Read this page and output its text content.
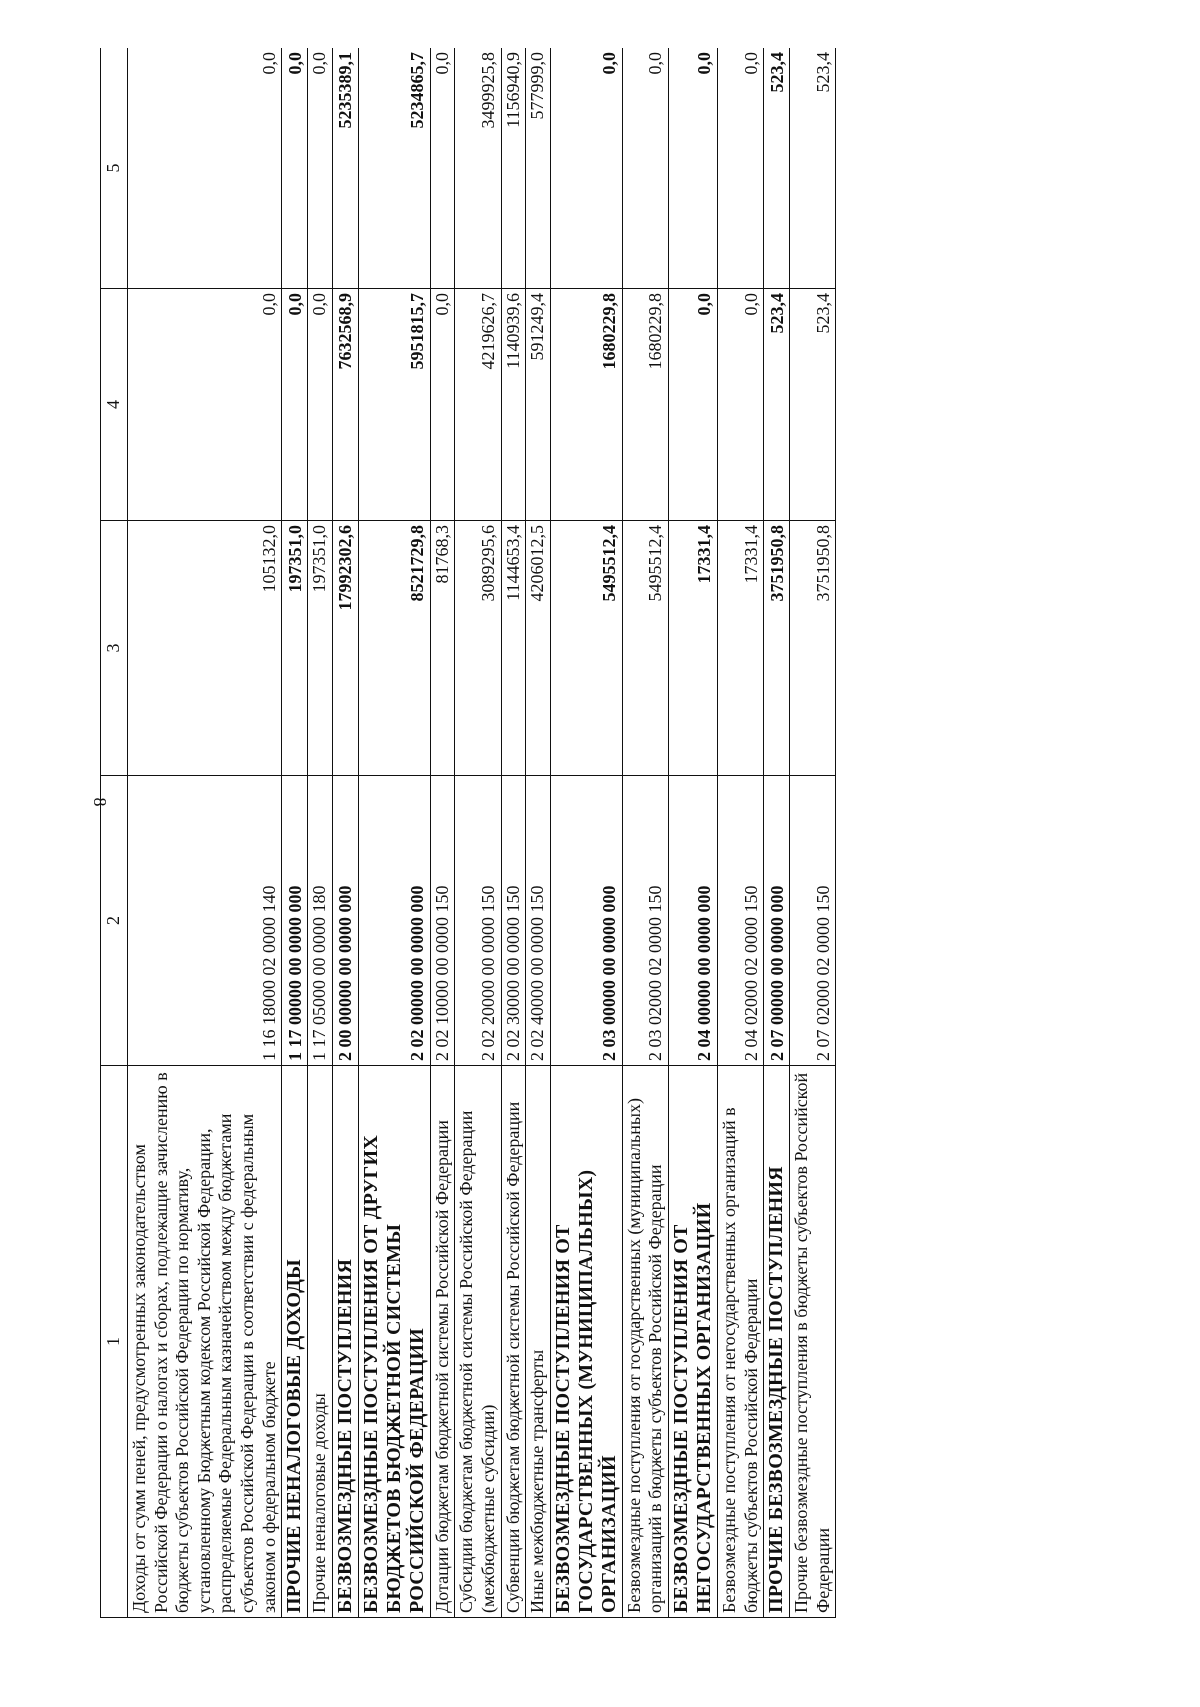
8
1	2	3	4	5
Доходы от сумм пеней, предусмотренных законодательством Российской Федерации о налогах и сборах, подлежащие зачислению в бюджеты субъектов Российской Федерации по нормативу, установленному Бюджетным кодексом Российской Федерации, распределяемые Федеральным казначейством между бюджетами субъектов Российской Федерации в соответствии с федеральным законом о федеральном бюджете	1 16 18000 02 0000 140	105132,0	0,0	0,0
ПРОЧИЕ НЕНАЛОГОВЫЕ ДОХОДЫ	1 17 00000 00 0000 000	197351,0	0,0	0,0
Прочие неналоговые доходы	1 17 05000 00 0000 180	197351,0	0,0	0,0
БЕЗВОЗМЕЗДНЫЕ ПОСТУПЛЕНИЯ	2 00 00000 00 0000 000	17992302,6	7632568,9	5235389,1
БЕЗВОЗМЕЗДНЫЕ ПОСТУПЛЕНИЯ ОТ ДРУГИХ БЮДЖЕТОВ БЮДЖЕТНОЙ СИСТЕМЫ РОССИЙСКОЙ ФЕДЕРАЦИИ	2 02 00000 00 0000 000	8521729,8	5951815,7	5234865,7
Дотации бюджетам бюджетной системы Российской Федерации	2 02 10000 00 0000 150	81768,3	0,0	0,0
Субсидии бюджетам бюджетной системы Российской Федерации (межбюджетные субсидии)	2 02 20000 00 0000 150	3089295,6	4219626,7	3499925,8
Субвенции бюджетам бюджетной системы Российской Федерации	2 02 30000 00 0000 150	1144653,4	1140939,6	1156940,9
Иные межбюджетные трансферты	2 02 40000 00 0000 150	4206012,5	591249,4	577999,0
БЕЗВОЗМЕЗДНЫЕ ПОСТУПЛЕНИЯ ОТ ГОСУДАРСТВЕННЫХ (МУНИЦИПАЛЬНЫХ) ОРГАНИЗАЦИЙ	2 03 00000 00 0000 000	5495512,4	1680229,8	0,0
Безвозмездные поступления от государственных (муниципальных) организаций в бюджеты субъектов Российской Федерации	2 03 02000 02 0000 150	5495512,4	1680229,8	0,0
БЕЗВОЗМЕЗДНЫЕ ПОСТУПЛЕНИЯ ОТ НЕГОСУДАРСТВЕННЫХ ОРГАНИЗАЦИЙ	2 04 00000 00 0000 000	17331,4	0,0	0,0
Безвозмездные поступления от негосударственных организаций в бюджеты субъектов Российской Федерации	2 04 02000 02 0000 150	17331,4	0,0	0,0
ПРОЧИЕ БЕЗВОЗМЕЗДНЫЕ ПОСТУПЛЕНИЯ	2 07 00000 00 0000 000	3751950,8	523,4	523,4
Прочие безвозмездные поступления в бюджеты субъектов Российской Федерации	2 07 02000 02 0000 150	3751950,8	523,4	523,4
